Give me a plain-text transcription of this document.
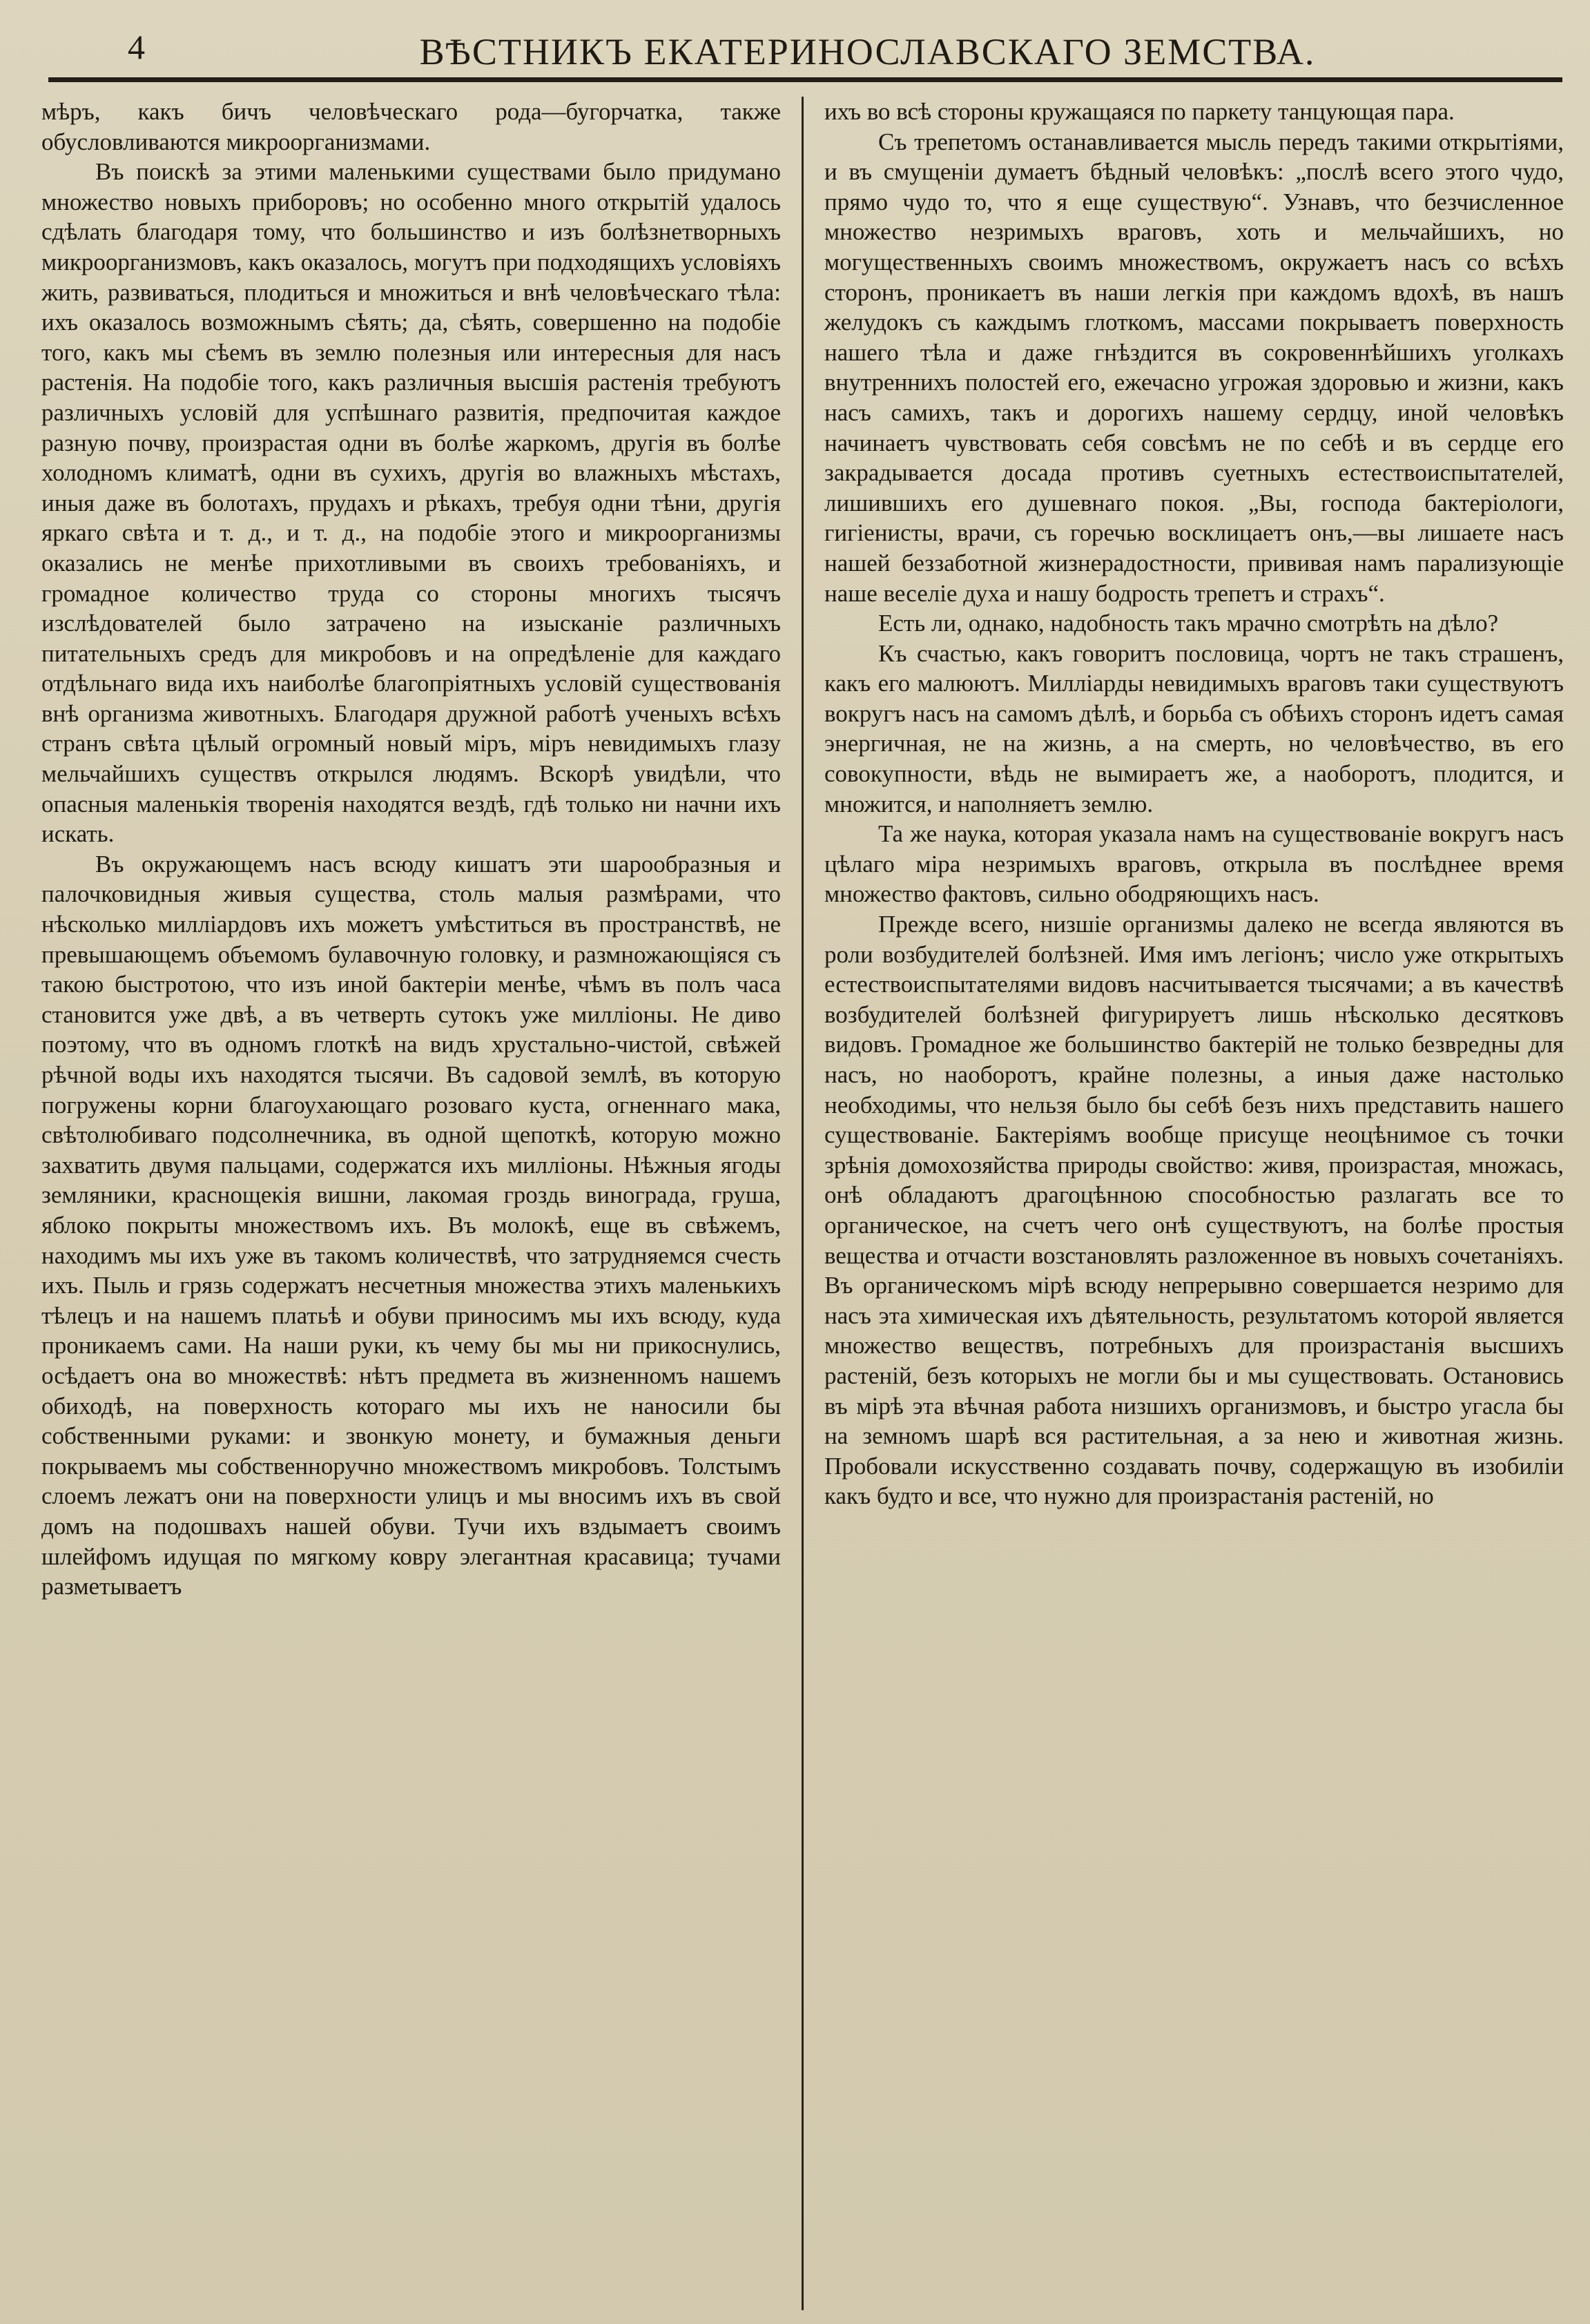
4	ВѢСТНИКЪ ЕКАТЕРИНОСЛАВСКАГО ЗЕМСТВА.

мѣръ, какъ бичъ человѣческаго рода—бугорчатка, также обусловливаются микроорганизмами.

Въ поискѣ за этими маленькими существами было придумано множество новыхъ приборовъ; но особенно много открытій удалось сдѣлать благодаря тому, что большинство и изъ болѣзнетворныхъ микроорганизмовъ, какъ оказалось, могутъ при подходящихъ условіяхъ жить, развиваться, плодиться и множиться и внѣ человѣческаго тѣла: ихъ оказалось возможнымъ сѣять; да, сѣять, совершенно на подобіе того, какъ мы сѣемъ въ землю полезныя или интересныя для насъ растенія. На подобіе того, какъ различныя высшія растенія требуютъ различныхъ условій для успѣшнаго развитія, предпочитая каждое разную почву, произрастая одни въ болѣе жаркомъ, другія въ болѣе холодномъ климатѣ, одни въ сухихъ, другія во влажныхъ мѣстахъ, иныя даже въ болотахъ, прудахъ и рѣкахъ, требуя одни тѣни, другія яркаго свѣта и т. д., и т. д., на подобіе этого и микроорганизмы оказались не менѣе прихотливыми въ своихъ требованіяхъ, и громадное количество труда со стороны многихъ тысячъ изслѣдователей было затрачено на изысканіе различныхъ питательныхъ средъ для микробовъ и на опредѣленіе для каждаго отдѣльнаго вида ихъ наиболѣе благопріятныхъ условій существованія внѣ организма животныхъ. Благодаря дружной работѣ ученыхъ всѣхъ странъ свѣта цѣлый огромный новый міръ, міръ невидимыхъ глазу мельчайшихъ существъ открылся людямъ. Вскорѣ увидѣли, что опасныя маленькія творенія находятся вездѣ, гдѣ только ни начни ихъ искать.

Въ окружающемъ насъ всюду кишатъ эти шарообразныя и палочковидныя живыя существа, столь малыя размѣрами, что нѣсколько милліардовъ ихъ можетъ умѣститься въ пространствѣ, не превышающемъ объемомъ булавочную головку, и размножающіяся съ такою быстротою, что изъ иной бактеріи менѣе, чѣмъ въ полъ часа становится уже двѣ, а въ четверть сутокъ уже милліоны. Не диво поэтому, что въ одномъ глоткѣ на видъ хрустально-чистой, свѣжей рѣчной воды ихъ находятся тысячи. Въ садовой землѣ, въ которую погружены корни благоухающаго розоваго куста, огненнаго мака, свѣтолюбиваго подсолнечника, въ одной щепоткѣ, которую можно захватить двумя пальцами, содержатся ихъ милліоны. Нѣжныя ягоды земляники, краснощекія вишни, лакомая гроздь винограда, груша, яблоко покрыты множествомъ ихъ. Въ молокѣ, еще въ свѣжемъ, находимъ мы ихъ уже въ такомъ количествѣ, что затрудняемся счесть ихъ. Пыль и грязь содержатъ несчетныя множества этихъ маленькихъ тѣлецъ и на нашемъ платьѣ и обуви приносимъ мы ихъ всюду, куда проникаемъ сами. На наши руки, къ чему бы мы ни прикоснулись, осѣдаетъ она во множествѣ: нѣтъ предмета въ жизненномъ нашемъ обиходѣ, на поверхность котораго мы ихъ не наносили бы собственными руками: и звонкую монету, и бумажныя деньги покрываемъ мы собственноручно множествомъ микробовъ. Толстымъ слоемъ лежатъ они на поверхности улицъ и мы вносимъ ихъ въ свой домъ на подошвахъ нашей обуви. Тучи ихъ вздымаетъ своимъ шлейфомъ идущая по мягкому ковру элегантная красавица; тучами разметываетъ

ихъ во всѣ стороны кружащаяся по паркету танцующая пара.

Съ трепетомъ останавливается мысль передъ такими открытіями, и въ смущеніи думаетъ бѣдный человѣкъ: „послѣ всего этого чудо, прямо чудо то, что я еще существую“. Узнавъ, что безчисленное множество незримыхъ враговъ, хоть и мельчайшихъ, но могущественныхъ своимъ множествомъ, окружаетъ насъ со всѣхъ сторонъ, проникаетъ въ наши легкія при каждомъ вдохѣ, въ нашъ желудокъ съ каждымъ глоткомъ, массами покрываетъ поверхность нашего тѣла и даже гнѣздится въ сокровеннѣйшихъ уголкахъ внутреннихъ полостей его, ежечасно угрожая здоровью и жизни, какъ насъ самихъ, такъ и дорогихъ нашему сердцу, иной человѣкъ начинаетъ чувствовать себя совсѣмъ не по себѣ и въ сердце его закрадывается досада противъ суетныхъ естествоиспытателей, лишившихъ его душевнаго покоя. „Вы, господа бактеріологи, гигіенисты, врачи, съ горечью восклицаетъ онъ,—вы лишаете насъ нашей беззаботной жизнерадостности, прививая намъ парализующіе наше веселіе духа и нашу бодрость трепетъ и страхъ“.

Есть ли, однако, надобность такъ мрачно смотрѣть на дѣло?

Къ счастью, какъ говоритъ пословица, чортъ не такъ страшенъ, какъ его малюютъ. Милліарды невидимыхъ враговъ таки существуютъ вокругъ насъ на самомъ дѣлѣ, и борьба съ обѣихъ сторонъ идетъ самая энергичная, не на жизнь, а на смерть, но человѣчество, въ его совокупности, вѣдь не вымираетъ же, а наоборотъ, плодится, и множится, и наполняетъ землю.

Та же наука, которая указала намъ на существованіе вокругъ насъ цѣлаго міра незримыхъ враговъ, открыла въ послѣднее время множество фактовъ, сильно ободряющихъ насъ.

Прежде всего, низшіе организмы далеко не всегда являются въ роли возбудителей болѣзней. Имя имъ легіонъ; число уже открытыхъ естествоиспытателями видовъ насчитывается тысячами; а въ качествѣ возбудителей болѣзней фигурируетъ лишь нѣсколько десятковъ видовъ. Громадное же большинство бактерій не только безвредны для насъ, но наоборотъ, крайне полезны, а иныя даже настолько необходимы, что нельзя было бы себѣ безъ нихъ представить нашего существованіе. Бактеріямъ вообще присуще неоцѣнимое съ точки зрѣнія домохозяйства природы свойство: живя, произрастая, множась, онѣ обладаютъ драгоцѣнною способностью разлагать все то органическое, на счетъ чего онѣ существуютъ, на болѣе простыя вещества и отчасти возстановлять разложенное въ новыхъ сочетаніяхъ. Въ органическомъ мірѣ всюду непрерывно совершается незримо для насъ эта химическая ихъ дѣятельность, результатомъ которой является множество веществъ, потребныхъ для произрастанія высшихъ растеній, безъ которыхъ не могли бы и мы существовать. Остановись въ мірѣ эта вѣчная работа низшихъ организмовъ, и быстро угасла бы на земномъ шарѣ вся растительная, а за нею и животная жизнь. Пробовали искусственно создавать почву, содержащую въ изобиліи какъ будто и все, что нужно для произрастанія растеній, но
